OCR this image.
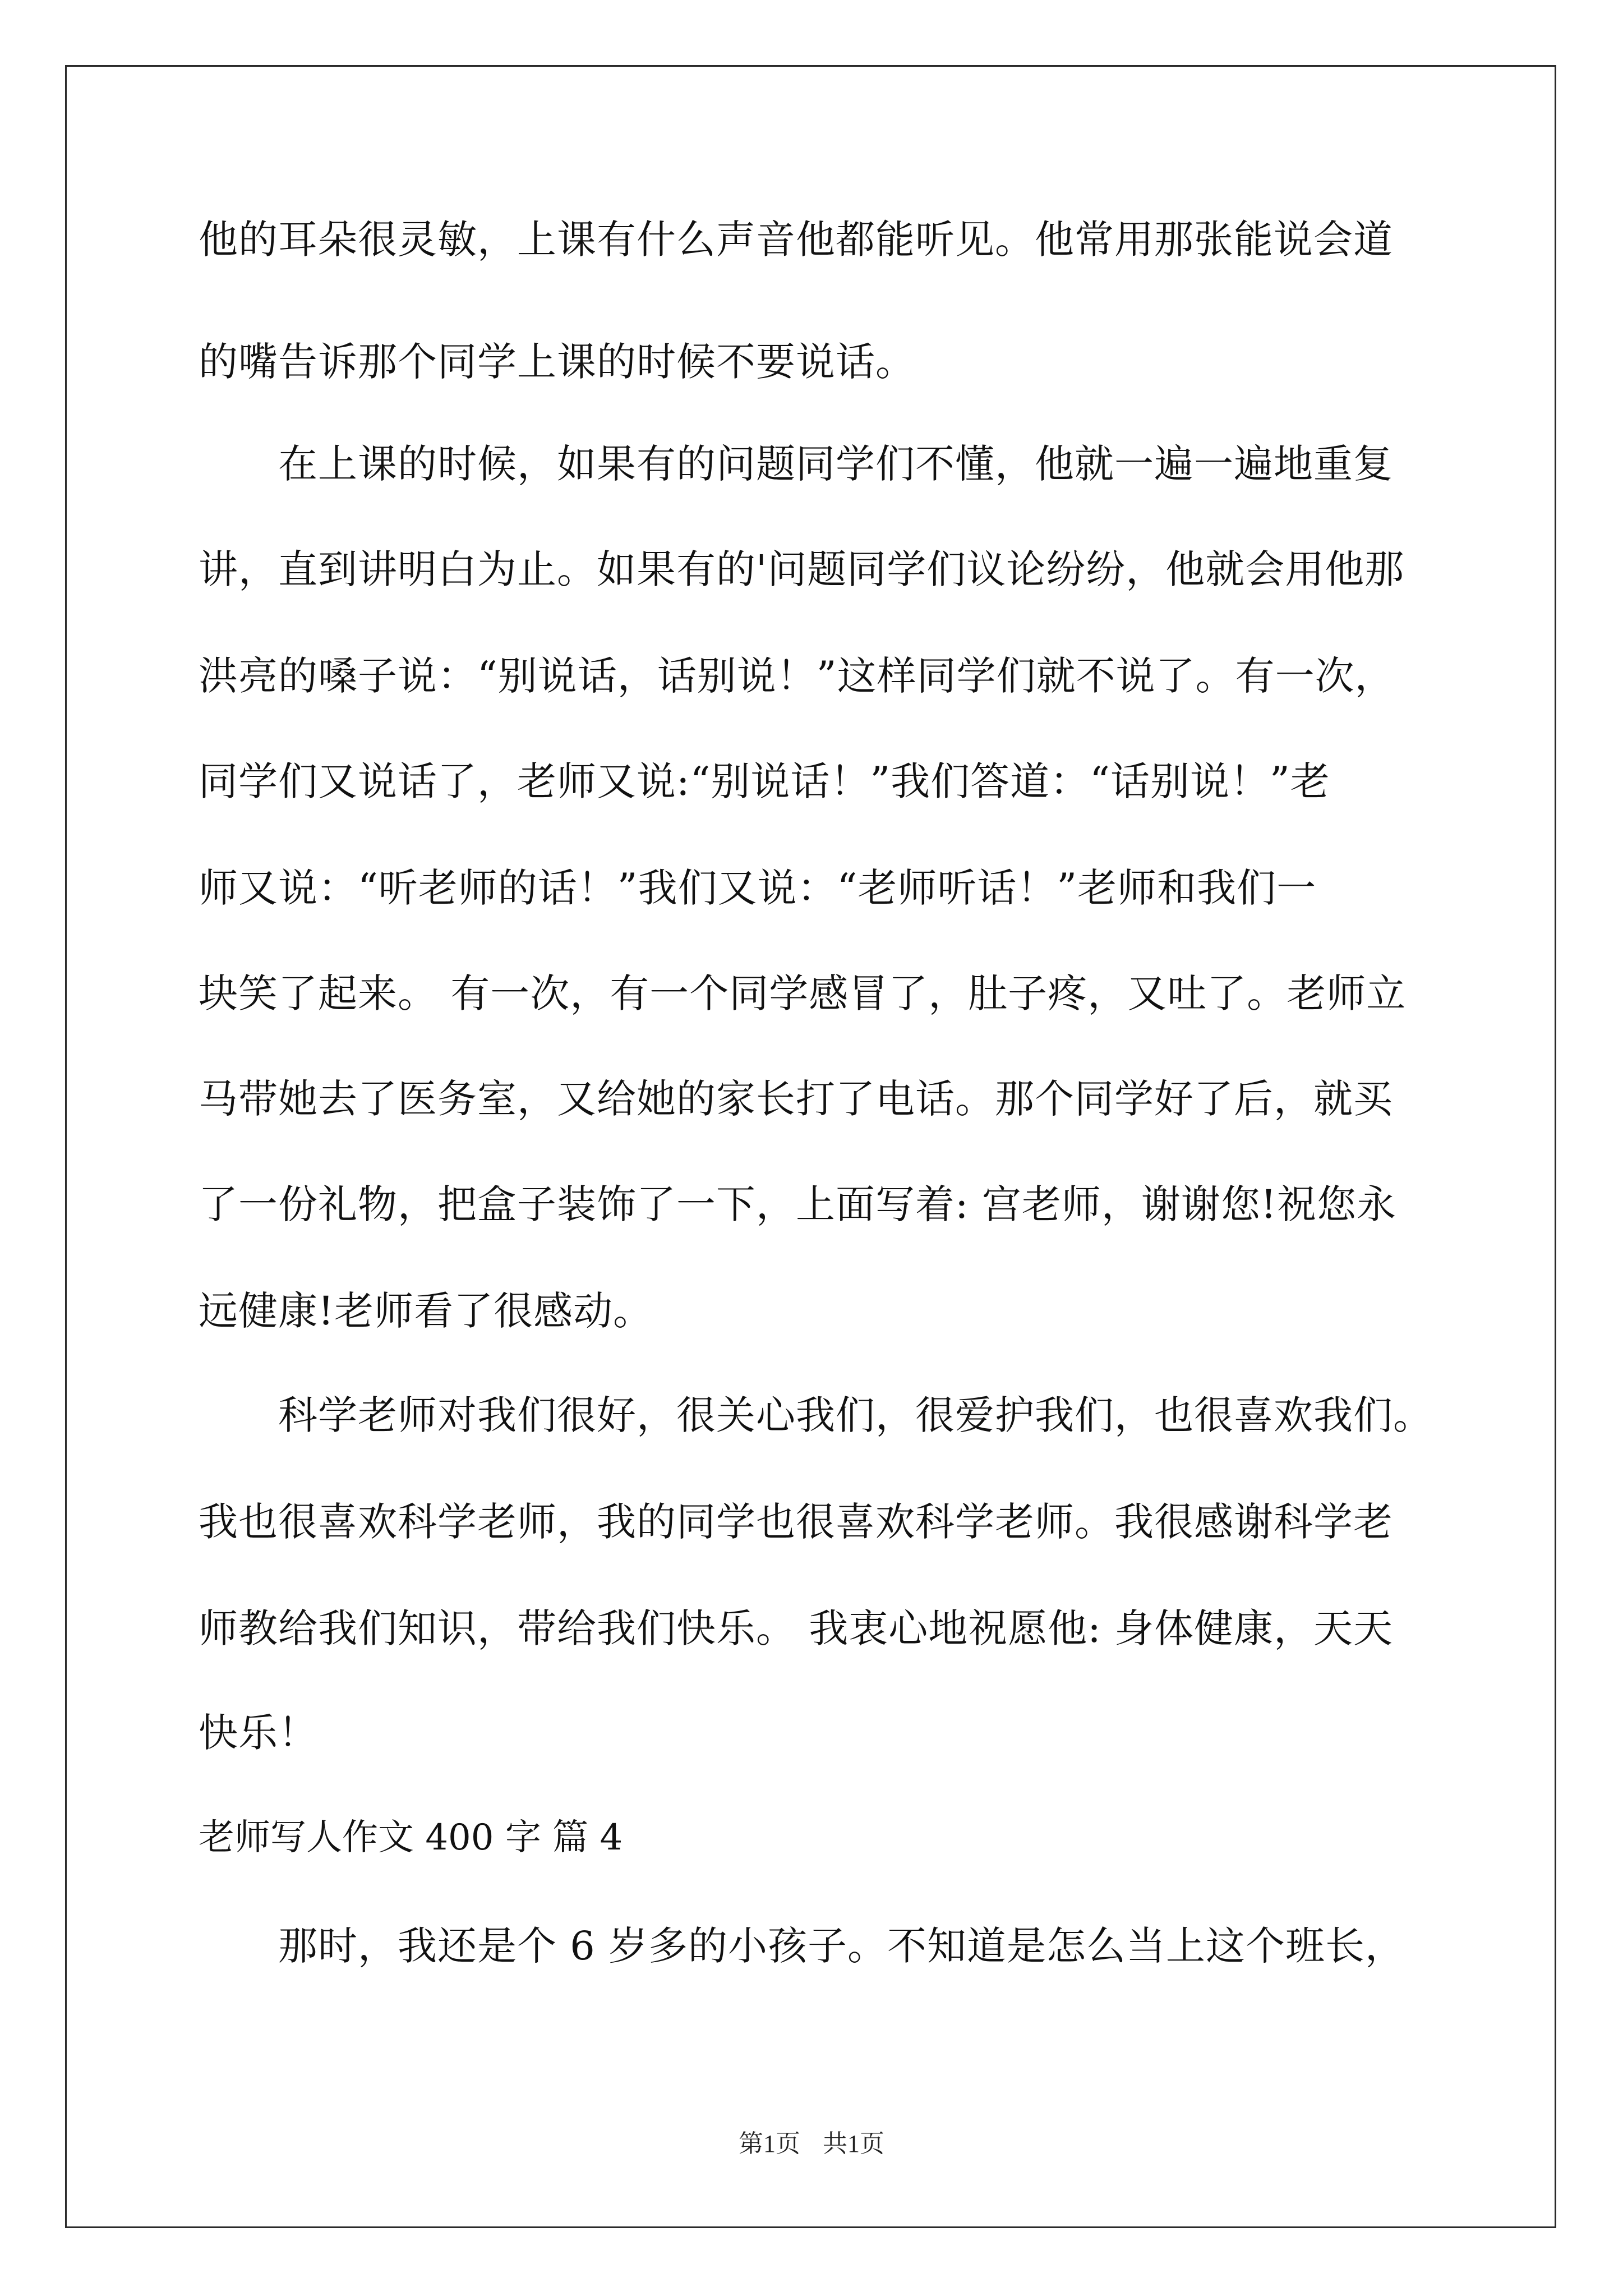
他的耳朵很灵敏，上课有什么声音他都能听见。他常用那张能说会道

的嘴告诉那个同学上课的时候不要说话。

在上课的时候，如果有的问题同学们不懂，他就一遍一遍地重复

讲，直到讲明白为止。如果有的'问题同学们议论纷纷，他就会用他那

洪亮的嗓子说：“别说话，话别说！”这样同学们就不说了。有一次，

同学们又说话了，老师又说:“别说话！”我们答道：“话别说！”老

师又说：“听老师的话！”我们又说：“老师听话！”老师和我们一

块笑了起来。 有一次，有一个同学感冒了，肚子疼，又吐了。老师立

马带她去了医务室，又给她的家长打了电话。那个同学好了后，就买

了一份礼物，把盒子装饰了一下，上面写着: 宫老师，谢谢您!祝您永

远健康!老师看了很感动。

科学老师对我们很好，很关心我们，很爱护我们，也很喜欢我们。

我也很喜欢科学老师，我的同学也很喜欢科学老师。我很感谢科学老

师教给我们知识，带给我们快乐。 我衷心地祝愿他: 身体健康，天天

快乐！

老师写人作文 400 字 篇 4

那时，我还是个 6 岁多的小孩子。不知道是怎么当上这个班长，

第1页 共1页
